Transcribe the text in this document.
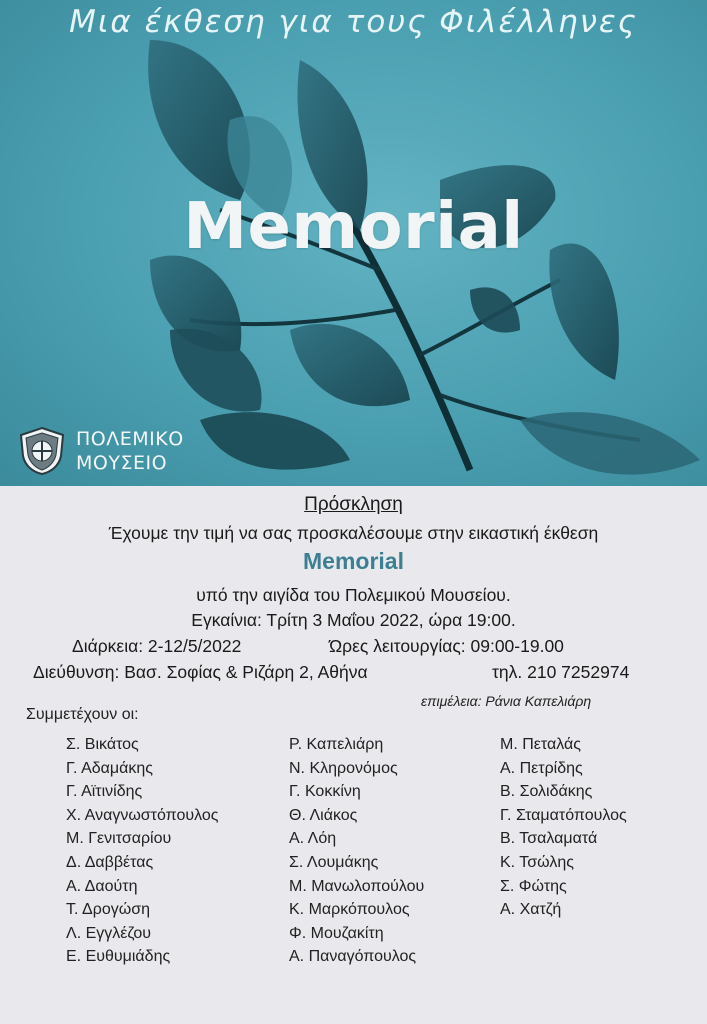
Μια έκθεση για τους Φιλέλληνες
Memorial
ΠΟΛΕΜΙΚΟ
ΜΟΥΣΕΙΟ
Πρόσκληση
Έχουμε την τιμή να σας προσκαλέσουμε στην εικαστική έκθεση
Memorial
υπό την αιγίδα του Πολεμικού Μουσείου.
Εγκαίνια: Τρίτη 3 Μαΐου 2022, ώρα 19:00.
Διάρκεια: 2-12/5/2022	Ώρες λειτουργίας: 09:00-19.00
Διεύθυνση: Βασ. Σοφίας & Ριζάρη 2, Αθήνα	τηλ. 210 7252974
επιμέλεια: Ράνια Καπελιάρη
Συμμετέχουν οι:
Σ. Βικάτος
Γ. Αδαμάκης
Γ. Αϊτινίδης
Χ. Αναγνωστόπουλος
Μ. Γενιτσαρίου
Δ. Δαββέτας
Α. Δαούτη
Τ. Δρογώση
Λ. Εγγλέζου
Ε. Ευθυμιάδης
Ρ. Καπελιάρη
Ν. Κληρονόμος
Γ. Κοκκίνη
Θ. Λιάκος
Α. Λόη
Σ. Λουμάκης
Μ. Μανωλοπούλου
Κ. Μαρκόπουλος
Φ. Μουζακίτη
Α. Παναγόπουλος
Μ. Πεταλάς
Α. Πετρίδης
Β. Σολιδάκης
Γ. Σταματόπουλος
Β. Τσαλαματά
Κ. Τσώλης
Σ. Φώτης
Α. Χατζή
